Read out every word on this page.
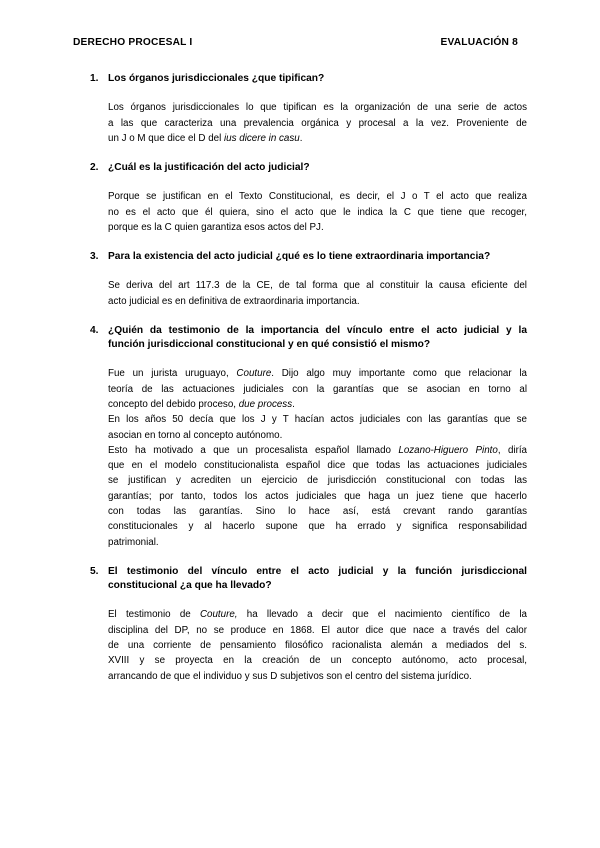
DERECHO PROCESAL I	EVALUACIÓN 8

1. Los órganos jurisdiccionales ¿que tipifican?

Los órganos jurisdiccionales lo que tipifican es la organización de una serie de actos
a las que caracteriza una prevalencia orgánica y procesal a la vez. Proveniente de
un J o M que dice el D del ius dicere in casu.

2. ¿Cuál es la justificación del acto judicial?

Porque se justifican en el Texto Constitucional, es decir, el J o T el acto que realiza
no es el acto que él quiera, sino el acto que le indica la C que tiene que recoger,
porque es la C quien garantiza esos actos del PJ.

3. Para la existencia del acto judicial ¿qué es lo tiene extraordinaria importancia?

Se deriva del art 117.3 de la CE, de tal forma que al constituir la causa eficiente del
acto judicial es en definitiva de extraordinaria importancia.

4. ¿Quién da testimonio de la importancia del vínculo entre el acto judicial y la
función jurisdiccional constitucional y en qué consistió el mismo?

Fue un jurista uruguayo, Couture. Dijo algo muy importante como que relacionar la
teoría de las actuaciones judiciales con la garantías que se asocian en torno al
concepto del debido proceso, due process.
En los años 50 decía que los J y T hacían actos judiciales con las garantías que se
asocian en torno al concepto autónomo.
Esto ha motivado a que un procesalista español llamado Lozano-Higuero Pinto, diría
que en el modelo constitucionalista español dice que todas las actuaciones judiciales
se justifican y acrediten un ejercicio de jurisdicción constitucional con todas las
garantías; por tanto, todos los actos judiciales que haga un juez tiene que hacerlo
con todas las garantías. Sino lo hace así, está crevant rando garantías
constitucionales y al hacerlo supone que ha errado y significa responsabilidad
patrimonial.

5. El testimonio del vínculo entre el acto judicial y la función jurisdiccional
constitucional ¿a que ha llevado?

El testimonio de Couture, ha llevado a decir que el nacimiento científico de la
disciplina del DP, no se produce en 1868. El autor dice que nace a través del calor
de una corriente de pensamiento filosófico racionalista alemán a mediados del s.
XVIII y se proyecta en la creación de un concepto autónomo, acto procesal,
arrancando de que el individuo y sus D subjetivos son el centro del sistema jurídico.
